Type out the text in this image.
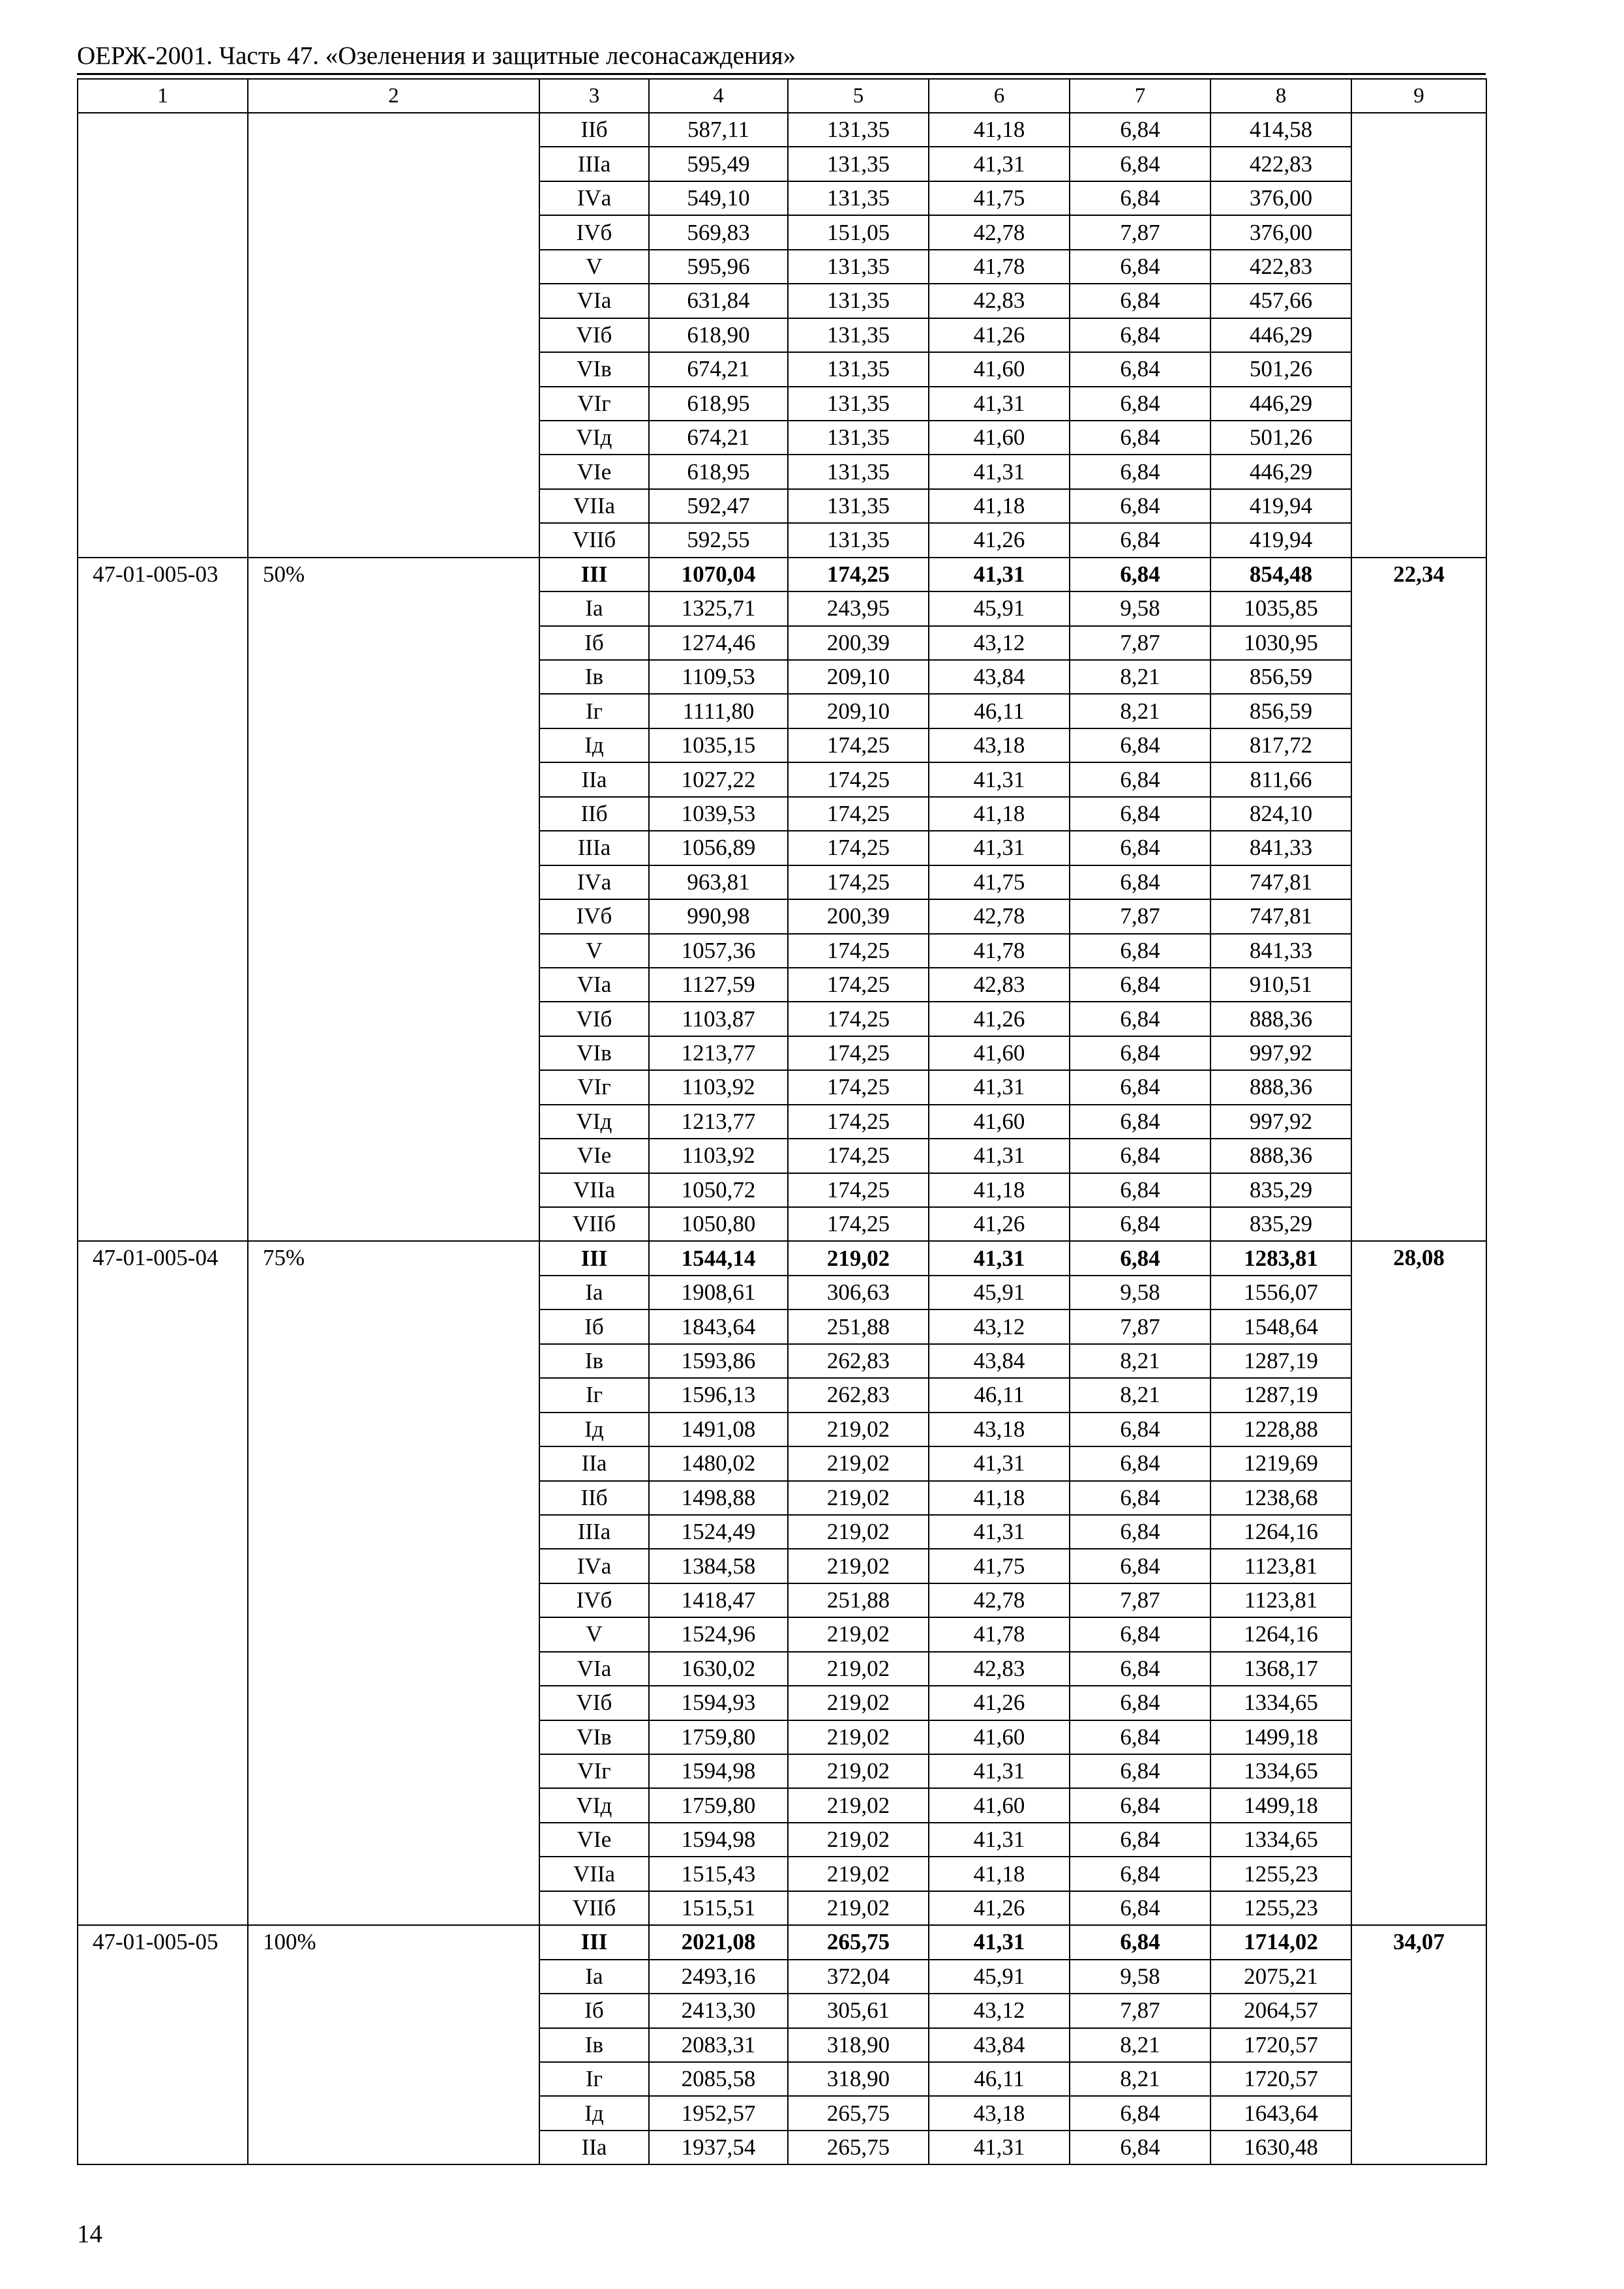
ОЕРЖ-2001. Часть 47. «Озеленения и защитные лесонасаждения»
1	2	3	4	5	6	7	8	9
		IIб	587,11	131,35	41,18	6,84	414,58	
		IIIа	595,49	131,35	41,31	6,84	422,83	
		IVа	549,10	131,35	41,75	6,84	376,00	
		IVб	569,83	151,05	42,78	7,87	376,00	
		V	595,96	131,35	41,78	6,84	422,83	
		VIа	631,84	131,35	42,83	6,84	457,66	
		VIб	618,90	131,35	41,26	6,84	446,29	
		VIв	674,21	131,35	41,60	6,84	501,26	
		VIг	618,95	131,35	41,31	6,84	446,29	
		VIд	674,21	131,35	41,60	6,84	501,26	
		VIе	618,95	131,35	41,31	6,84	446,29	
		VIIа	592,47	131,35	41,18	6,84	419,94	
		VIIб	592,55	131,35	41,26	6,84	419,94	
47-01-005-03	50%	III	1070,04	174,25	41,31	6,84	854,48	22,34
		Iа	1325,71	243,95	45,91	9,58	1035,85	
		Iб	1274,46	200,39	43,12	7,87	1030,95	
		Iв	1109,53	209,10	43,84	8,21	856,59	
		Iг	1111,80	209,10	46,11	8,21	856,59	
		Iд	1035,15	174,25	43,18	6,84	817,72	
		IIа	1027,22	174,25	41,31	6,84	811,66	
		IIб	1039,53	174,25	41,18	6,84	824,10	
		IIIа	1056,89	174,25	41,31	6,84	841,33	
		IVа	963,81	174,25	41,75	6,84	747,81	
		IVб	990,98	200,39	42,78	7,87	747,81	
		V	1057,36	174,25	41,78	6,84	841,33	
		VIа	1127,59	174,25	42,83	6,84	910,51	
		VIб	1103,87	174,25	41,26	6,84	888,36	
		VIв	1213,77	174,25	41,60	6,84	997,92	
		VIг	1103,92	174,25	41,31	6,84	888,36	
		VIд	1213,77	174,25	41,60	6,84	997,92	
		VIе	1103,92	174,25	41,31	6,84	888,36	
		VIIа	1050,72	174,25	41,18	6,84	835,29	
		VIIб	1050,80	174,25	41,26	6,84	835,29	
47-01-005-04	75%	III	1544,14	219,02	41,31	6,84	1283,81	28,08
		Iа	1908,61	306,63	45,91	9,58	1556,07	
		Iб	1843,64	251,88	43,12	7,87	1548,64	
		Iв	1593,86	262,83	43,84	8,21	1287,19	
		Iг	1596,13	262,83	46,11	8,21	1287,19	
		Iд	1491,08	219,02	43,18	6,84	1228,88	
		IIа	1480,02	219,02	41,31	6,84	1219,69	
		IIб	1498,88	219,02	41,18	6,84	1238,68	
		IIIа	1524,49	219,02	41,31	6,84	1264,16	
		IVа	1384,58	219,02	41,75	6,84	1123,81	
		IVб	1418,47	251,88	42,78	7,87	1123,81	
		V	1524,96	219,02	41,78	6,84	1264,16	
		VIа	1630,02	219,02	42,83	6,84	1368,17	
		VIб	1594,93	219,02	41,26	6,84	1334,65	
		VIв	1759,80	219,02	41,60	6,84	1499,18	
		VIг	1594,98	219,02	41,31	6,84	1334,65	
		VIд	1759,80	219,02	41,60	6,84	1499,18	
		VIе	1594,98	219,02	41,31	6,84	1334,65	
		VIIа	1515,43	219,02	41,18	6,84	1255,23	
		VIIб	1515,51	219,02	41,26	6,84	1255,23	
47-01-005-05	100%	III	2021,08	265,75	41,31	6,84	1714,02	34,07
		Iа	2493,16	372,04	45,91	9,58	2075,21	
		Iб	2413,30	305,61	43,12	7,87	2064,57	
		Iв	2083,31	318,90	43,84	8,21	1720,57	
		Iг	2085,58	318,90	46,11	8,21	1720,57	
		Iд	1952,57	265,75	43,18	6,84	1643,64	
		IIа	1937,54	265,75	41,31	6,84	1630,48	
14
